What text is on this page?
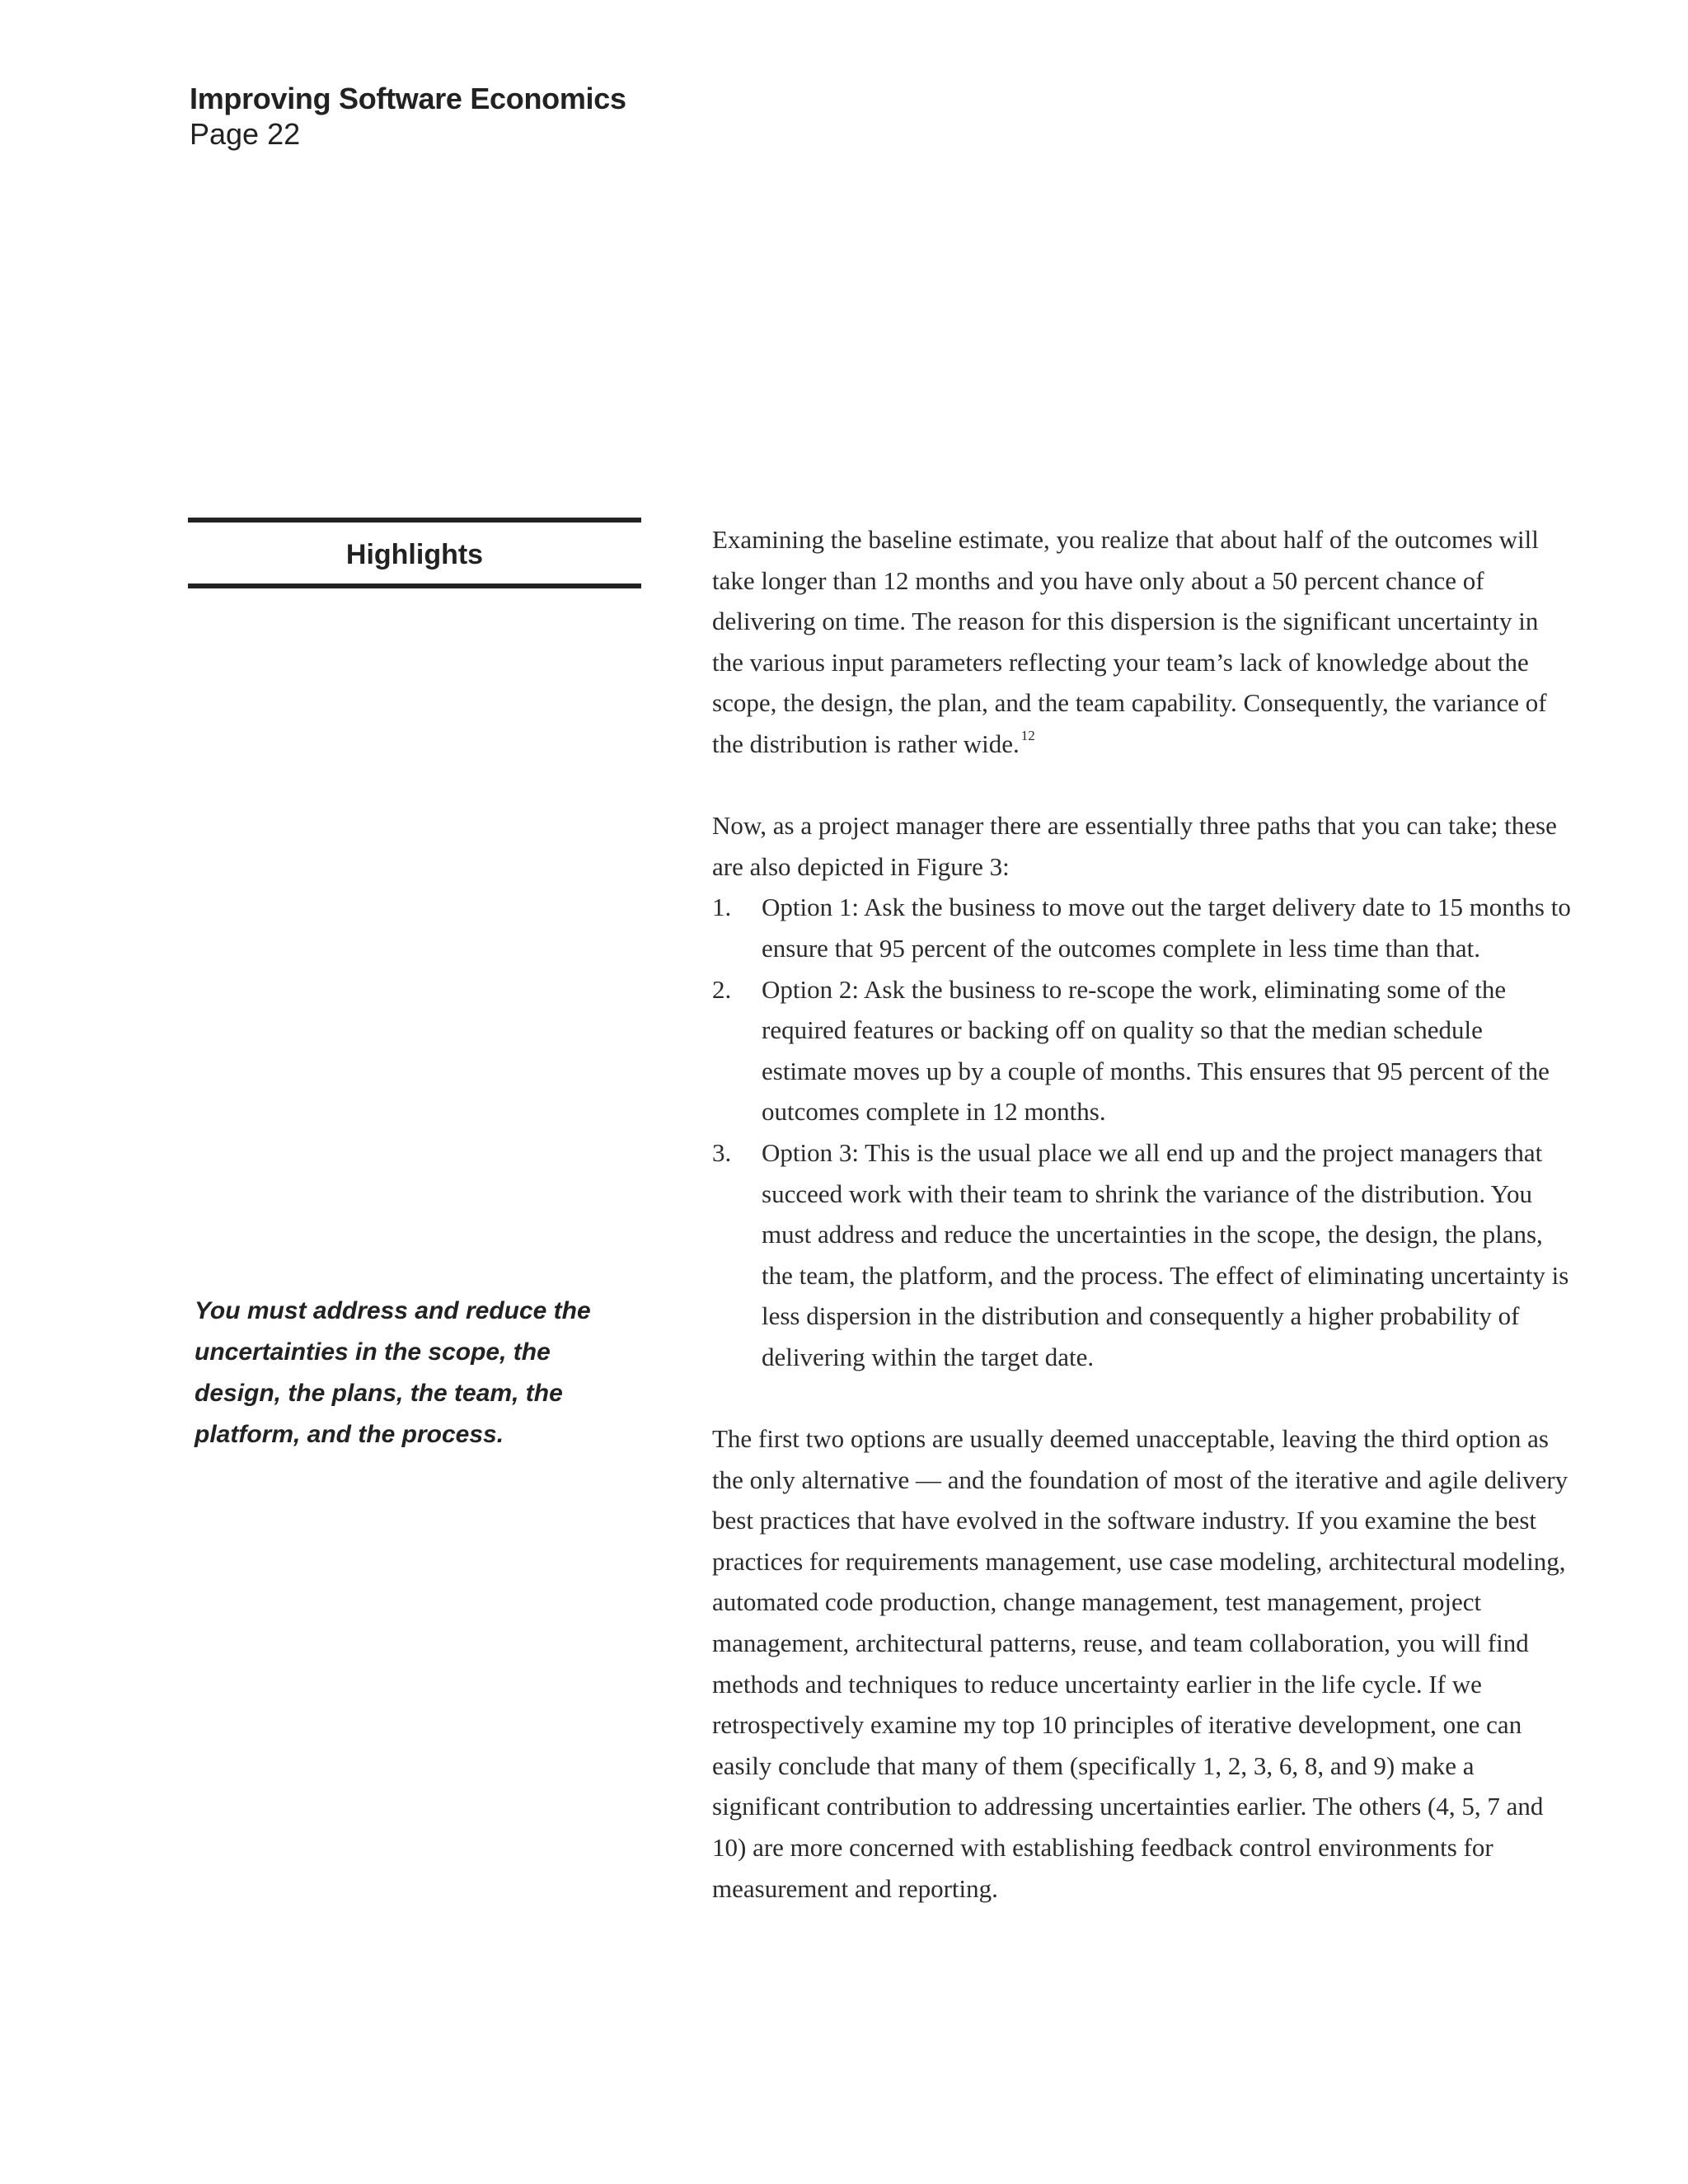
Improving Software Economics
Page 22
Highlights
You must address and reduce the uncertainties in the scope, the design, the plans, the team, the platform, and the process.

Examining the baseline estimate, you realize that about half of the outcomes will take longer than 12 months and you have only about a 50 percent chance of delivering on time. The reason for this dispersion is the significant uncertainty in the various input parameters reflecting your team’s lack of knowledge about the scope, the design, the plan, and the team capability. Consequently, the variance of the distribution is rather wide. $^{12}$

Now, as a project manager there are essentially three paths that you can take; these are also depicted in Figure 3:

1. Option 1: Ask the business to move out the target delivery date to 15 months to ensure that 95 percent of the outcomes complete in less time than that.
2. Option 2: Ask the business to re-scope the work, eliminating some of the required features or backing off on quality so that the median schedule estimate moves up by a couple of months. This ensures that 95 percent of the outcomes complete in 12 months.
3. Option 3: This is the usual place we all end up and the project managers that succeed work with their team to shrink the variance of the distribution. You must address and reduce the uncertainties in the scope, the design, the plans, the team, the platform, and the process. The effect of eliminating uncertainty is less dispersion in the distribution and consequently a higher probability of delivering within the target date.

The first two options are usually deemed unacceptable, leaving the third option as the only alternative — and the foundation of most of the iterative and agile delivery best practices that have evolved in the software industry. If you examine the best practices for requirements management, use case modeling, architectural modeling, automated code production, change management, test management, project management, architectural patterns, reuse, and team collaboration, you will find methods and techniques to reduce uncertainty earlier in the life cycle. If we retrospectively examine my top 10 principles of iterative development, one can easily conclude that many of them (specifically 1, 2, 3, 6, 8, and 9) make a significant contribution to addressing uncertainties earlier. The others (4, 5, 7 and 10) are more concerned with establishing feedback control environments for measurement and reporting.
